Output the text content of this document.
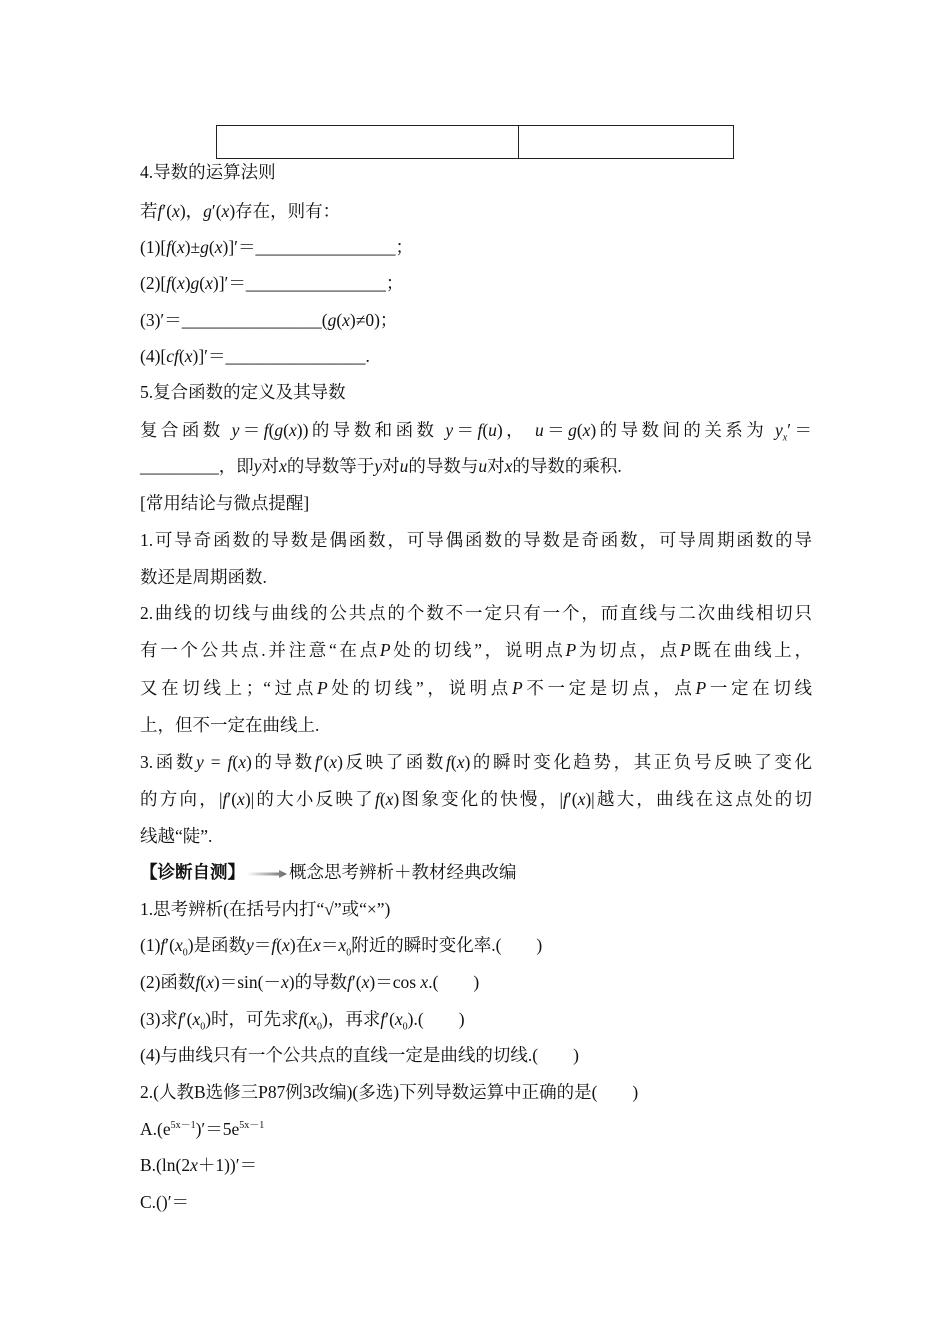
4.导数的运算法则
若f′(x)，g′(x)存在，则有：
(1)[f(x)±g(x)]′＝________________；
(2)[f(x)g(x)]′＝________________；
(3)′＝________________(g(x)≠0)；
(4)[cf(x)]′＝________________.
5.复合函数的定义及其导数
复合函数 y＝f(g(x))的导数和函数 y＝f(u)， u＝g(x)的导数间的关系为 $y_x'=$
_________，即y对x的导数等于y对u的导数与u对x的导数的乘积.
[常用结论与微点提醒]
1.可导奇函数的导数是偶函数，可导偶函数的导数是奇函数，可导周期函数的导
数还是周期函数.
2.曲线的切线与曲线的公共点的个数不一定只有一个，而直线与二次曲线相切只
有一个公共点.并注意“在点P处的切线”，说明点P为切点，点P既在曲线上，
又在切线上；“过点P处的切线”，说明点P不一定是切点，点P一定在切线
上，但不一定在曲线上.
3.函数y = f(x)的导数f′(x)反映了函数f(x)的瞬时变化趋势，其正负号反映了变化
的方向，|f′(x)|的大小反映了f(x)图象变化的快慢，|f′(x)|越大，曲线在这点处的切
线越“陡”.
【诊断自测】	概念思考辨析＋教材经典改编
1.思考辨析(在括号内打“√”或“×”)
$(1)f'(x_0)$是函数y＝f(x)在$x=x_0$附近的瞬时变化率.(　　)
(2)函数f(x)＝sin(－x)的导数f′(x)＝cos x.(　　)
(3)求$f'(x_0)$时，可先求$f(x_0)$，再求$f'(x_0)$.(　　)
(4)与曲线只有一个公共点的直线一定是曲线的切线.(　　)
2.(人教B选修三P87例3改编)(多选)下列导数运算中正确的是(　　)
$A.(e^{5x-1})'=5e^{5x-1}$
B.(ln(2x＋1))′＝
C.()′＝
